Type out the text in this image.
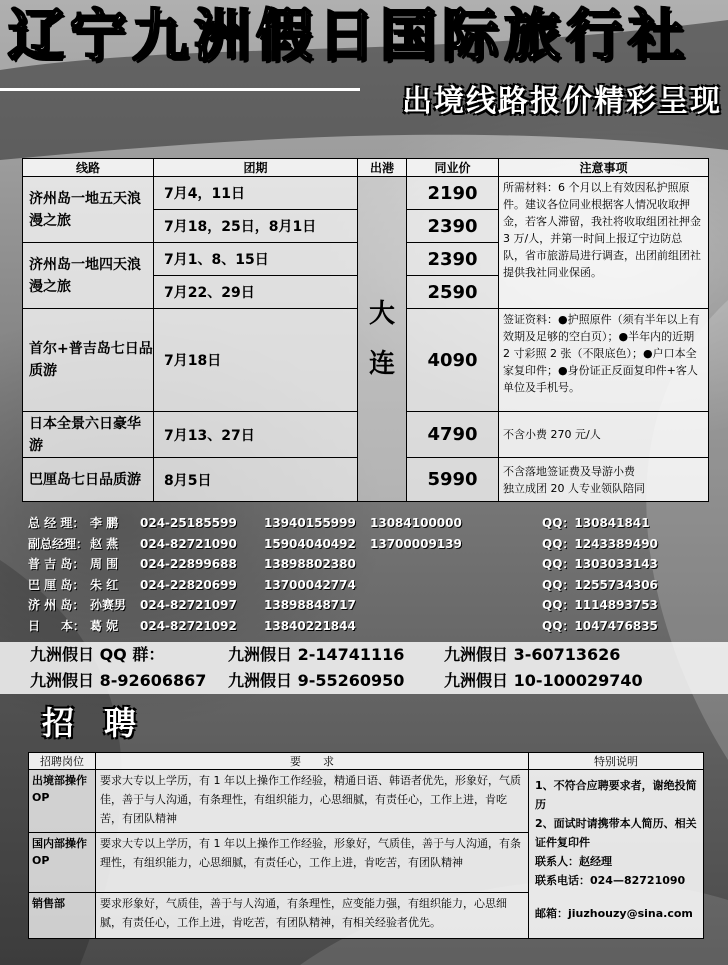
辽宁九洲假日国际旅行社
出境线路报价精彩呈现
线路	团期	出港	同业价	注意事项
济州岛一地五天浪漫之旅	7月4，11日	大连	2190	所需材料：6 个月以上有效因私护照原件。建议各位同业根据客人情况收取押金，若客人滞留，我社将收取组团社押金 3 万/人，并第一时间上报辽宁边防总队，省市旅游局进行调查，出团前组团社提供我社同业保函。
	7月18，25日，8月1日		2390	
济州岛一地四天浪漫之旅	7月1、8、15日		2390	
	7月22、29日		2590	
首尔+普吉岛七日品质游	7月18日		4090	签证资料：●护照原件（须有半年以上有效期及足够的空白页）；●半年内的近期 2 寸彩照 2 张（不限底色）；●户口本全家复印件；●身份证正反面复印件+客人单位及手机号。
日本全景六日豪华游	7月13、27日		4790	不含小费 270 元/人
巴厘岛七日品质游	8月5日		5990	不含落地签证费及导游小费
独立成团 20 人专业领队陪同
总 经 理： 李 鹏	024-25185599	13940155999	13084100000	QQ：130841841
副总经理： 赵 燕	024-82721090	15904040492	13700009139	QQ：1243389490
普 吉 岛： 周 围	024-22899688	13898802380	QQ：1303033143
巴 厘 岛： 朱 红	024-22820699	13700042774	QQ：1255734306
济 州 岛： 孙赛男	024-82721097	13898848717	QQ：1114893753
日     本： 葛 妮	024-82721092	13840221844	QQ：1047476835
九洲假日 QQ 群：	九洲假日 2-14741116	九洲假日 3-60713626
九洲假日 8-92606867	九洲假日 9-55260950	九洲假日 10-100029740
招聘
招聘岗位	要　　求	特别说明
出境部操作 OP	要求大专以上学历，有 1 年以上操作工作经验，精通日语、韩语者优先，形象好，气质佳，善于与人沟通，有条理性，有组织能力，心思细腻，有责任心，工作上进，肯吃苦，有团队精神	1、不符合应聘要求者，谢绝投简历
2、面试时请携带本人简历、相关证件复印件
联系人：赵经理
联系电话：024—82721090
邮箱：jiuzhouzy@sina.com

国内部操作 OP	要求大专以上学历，有 1 年以上操作工作经验，形象好，气质佳，善于与人沟通，有条理性，有组织能力，心思细腻，有责任心，工作上进，肯吃苦，有团队精神	
销售部	要求形象好，气质佳，善于与人沟通，有条理性，应变能力强，有组织能力，心思细腻，有责任心，工作上进，肯吃苦，有团队精神，有相关经验者优先。	
